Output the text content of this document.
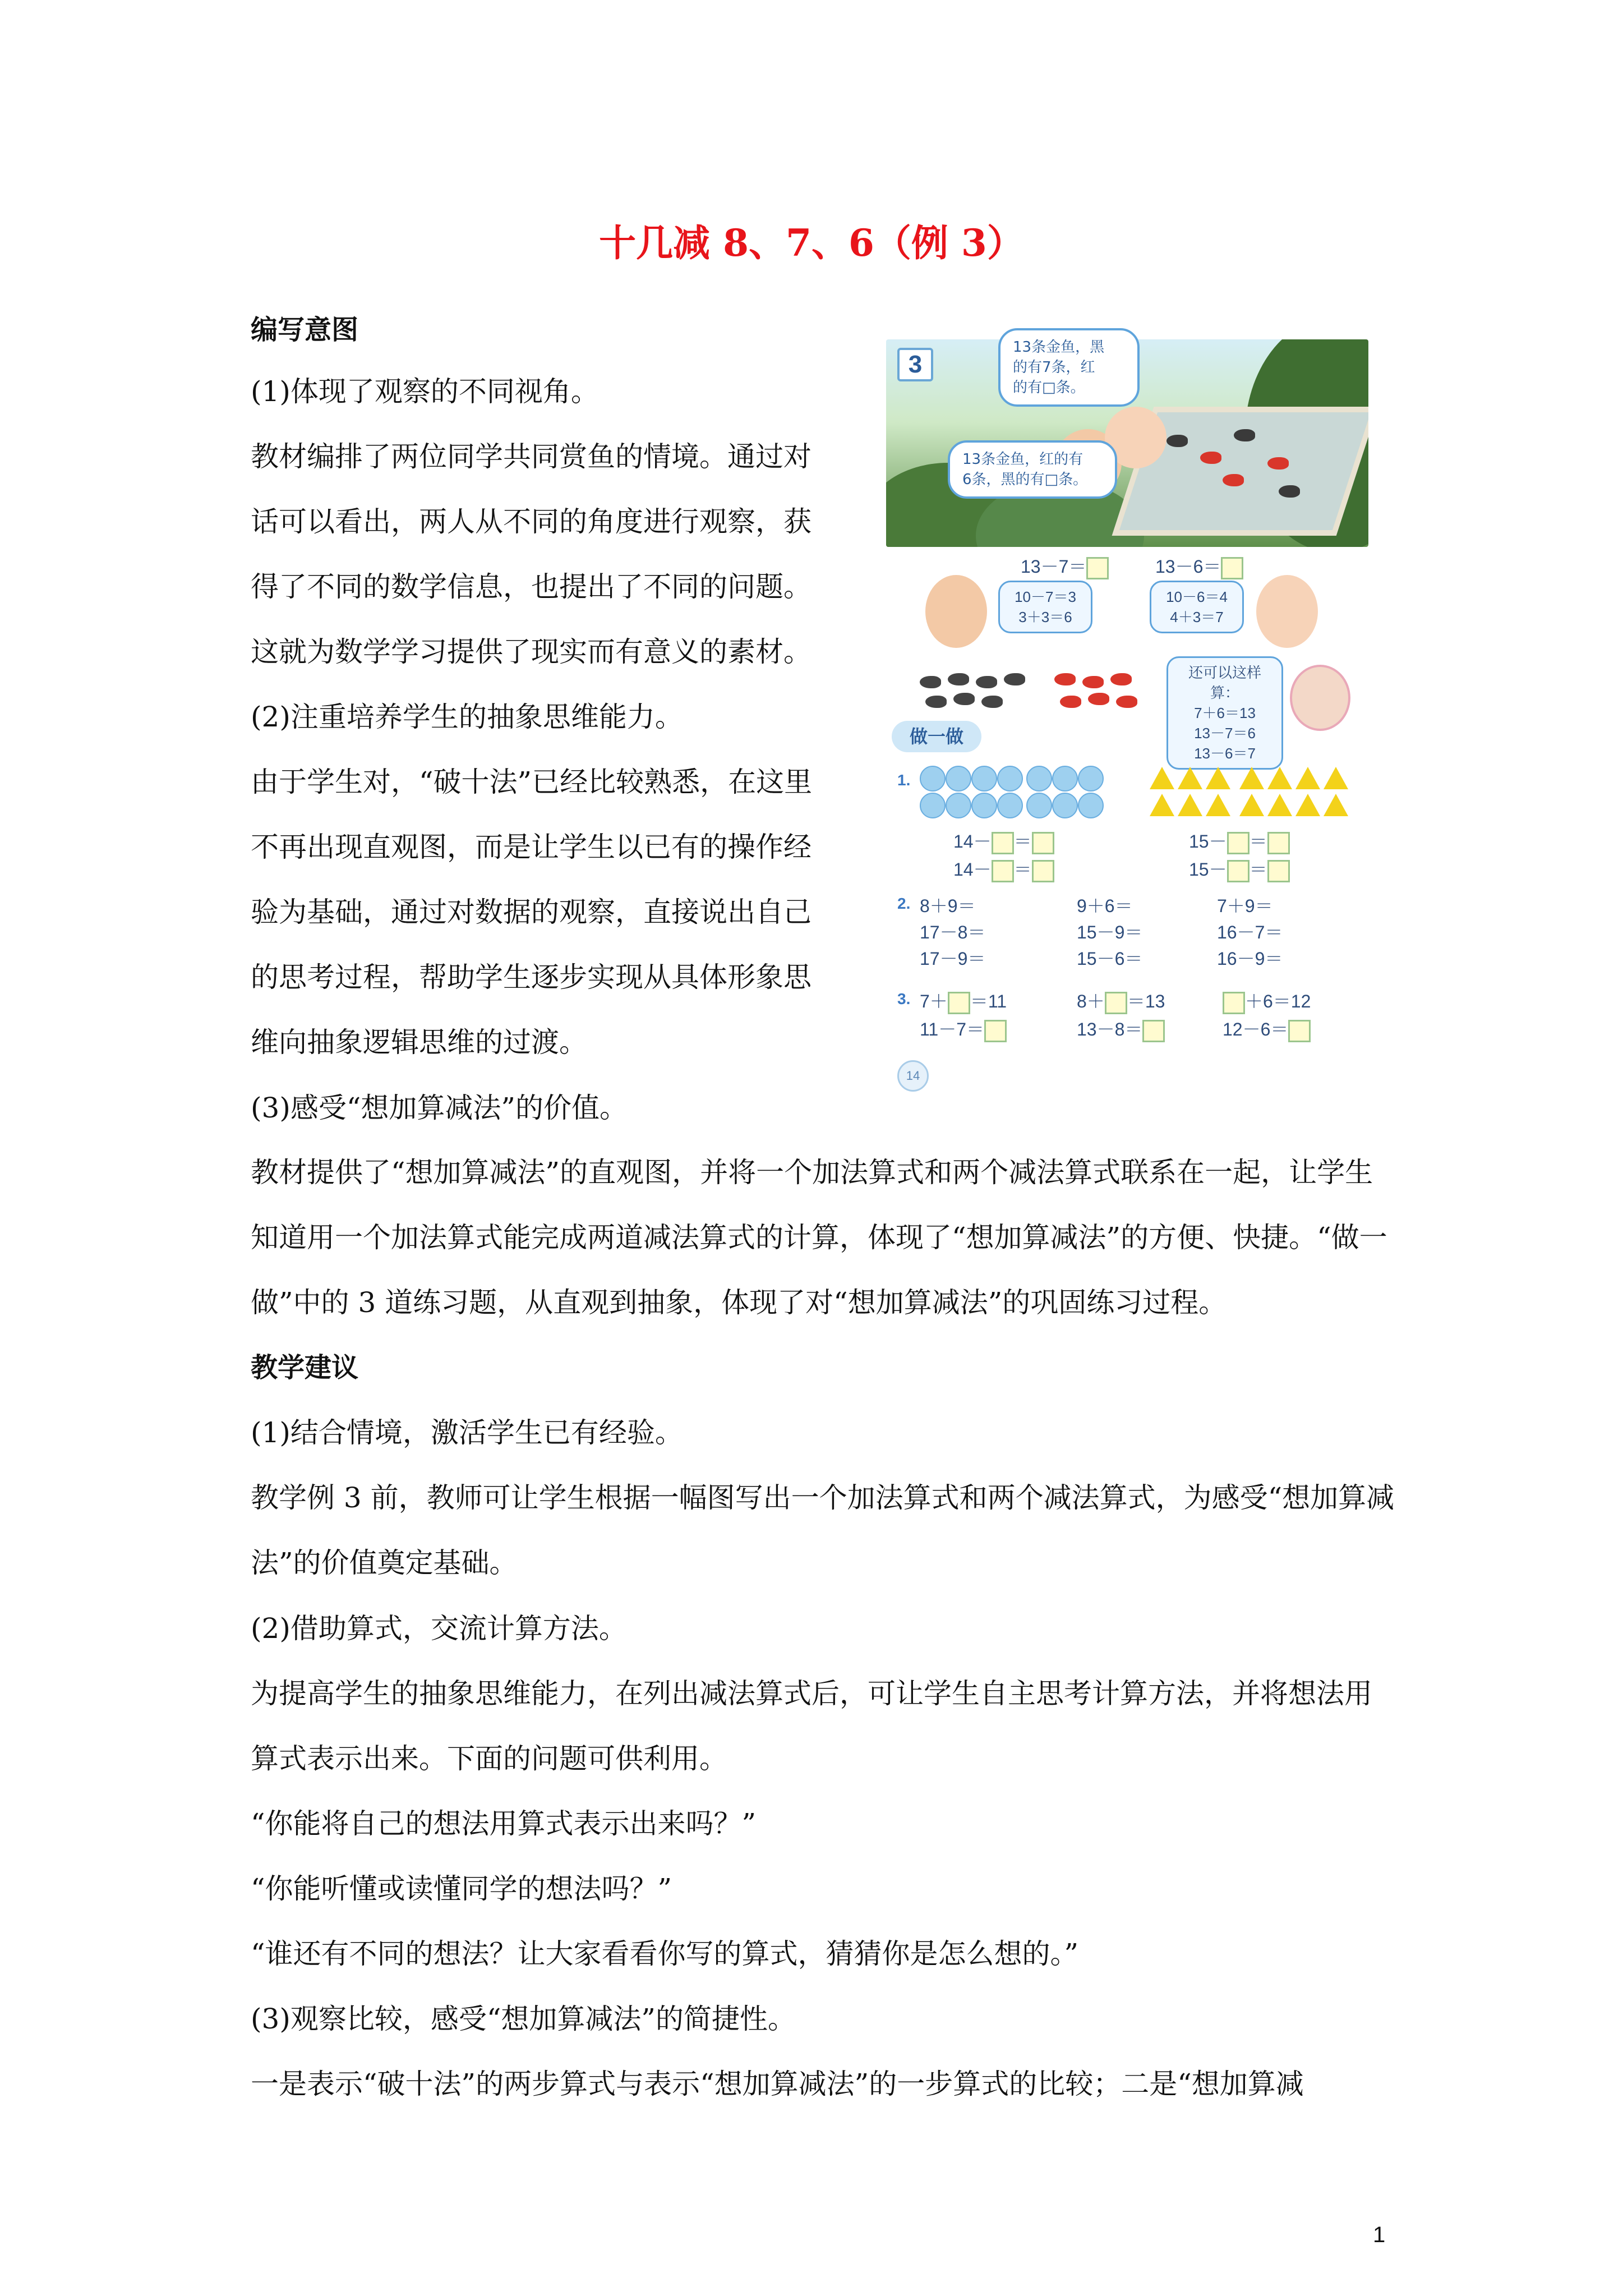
十几减 8、7、6（例 3）

编写意图

(1)体现了观察的不同视角。

教材编排了两位同学共同赏鱼的情境。通过对话可以看出，两人从不同的角度进行观察，获得了不同的数学信息，也提出了不同的问题。这就为数学学习提供了现实而有意义的素材。

(2)注重培养学生的抽象思维能力。

由于学生对，“破十法”已经比较熟悉，在这里不再出现直观图，而是让学生以已有的操作经验为基础，通过对数据的观察，直接说出自己的思考过程，帮助学生逐步实现从具体形象思维向抽象逻辑思维的过渡。

(3)感受“想加算减法”的价值。

教材提供了“想加算减法”的直观图，并将一个加法算式和两个减法算式联系在一起，让学生知道用一个加法算式能完成两道减法算式的计算，体现了“想加算减法”的方便、快捷。“做一做”中的 3 道练习题，从直观到抽象，体现了对“想加算减法”的巩固练习过程。

教学建议

(1)结合情境，激活学生已有经验。

教学例 3 前，教师可让学生根据一幅图写出一个加法算式和两个减法算式，为感受“想加算减法”的价值奠定基础。

(2)借助算式，交流计算方法。

为提高学生的抽象思维能力，在列出减法算式后，可让学生自主思考计算方法，并将想法用算式表示出来。下面的问题可供利用。

“你能将自己的想法用算式表示出来吗？”

“你能听懂或读懂同学的想法吗？”

“谁还有不同的想法？让大家看看你写的算式，猜猜你是怎么想的。”

(3)观察比较，感受“想加算减法”的简捷性。

一是表示“破十法”的两步算式与表示“想加算减法”的一步算式的比较；二是“想加算减

1
3
13条金鱼，黑
的有7条，红
的有□条。
13条金鱼，红的有
6条，黑的有□条。
13－7＝	13－6＝
10－7＝3
3＋3＝6
10－6＝4
4＋3＝7
还可以这样算：
7＋6＝13
13－7＝6
13－6＝7
做一做
1.
14－ ＝
14－ ＝
15－ ＝
15－ ＝
2. 8＋9＝
17－8＝
17－9＝
9＋6＝
15－9＝
15－6＝
7＋9＝
16－7＝
16－9＝
3. 7＋ ＝11
11－7＝
8＋ ＝13
13－8＝
＋6＝12
12－6＝
14
